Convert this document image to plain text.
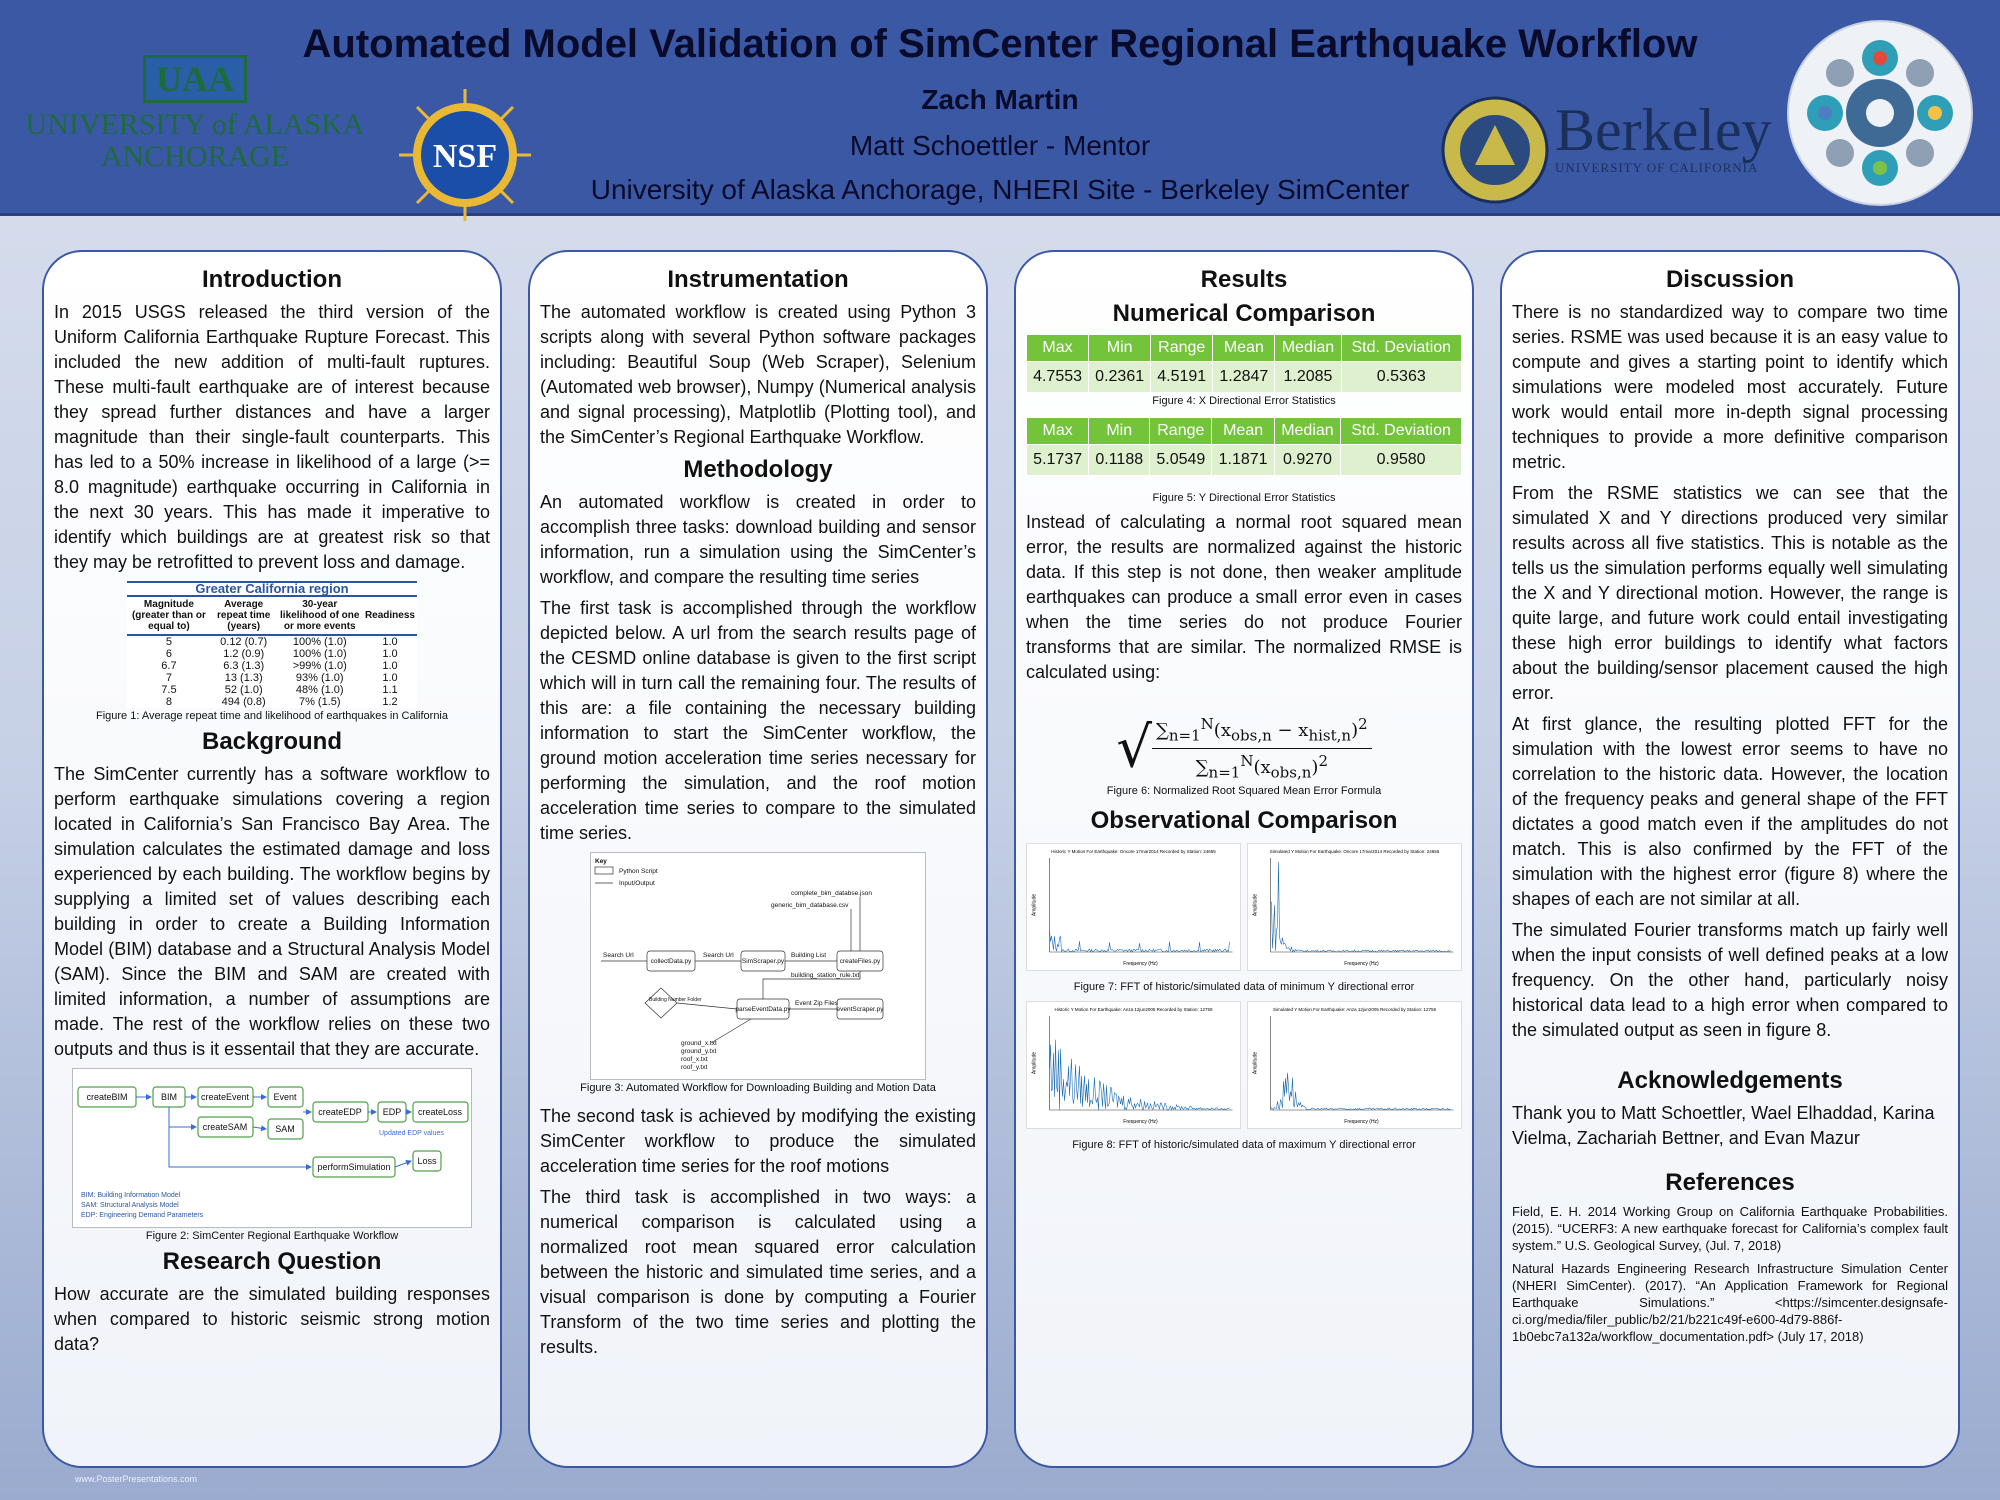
UAA
UNIVERSITY of ALASKA
ANCHORAGE	NSF
Automated Model Validation of SimCenter Regional Earthquake Workflow
Zach Martin
Matt Schoettler - Mentor
University of Alaska Anchorage, NHERI Site - Berkeley SimCenter
Berkeley
UNIVERSITY OF CALIFORNIA
Introduction

In 2015 USGS released the third version of the Uniform California Earthquake Rupture Forecast. This included the new addition of multi-fault ruptures. These multi-fault earthquake are of interest because they spread further distances and have a larger magnitude than their single-fault counterparts. This has led to a 50% increase in likelihood of a large (>= 8.0 magnitude) earthquake occurring in California in the next 30 years. This has made it imperative to identify which buildings are at greatest risk so that they may be retrofitted to prevent loss and damage.

Greater California region			
Magnitude (greater than or equal to)	Average repeat time (years)	30-year likelihood of one or more events	Readiness
5	0.12 (0.7)	100% (1.0)	1.0
6	1.2 (0.9)	100% (1.0)	1.0
6.7	6.3 (1.3)	>99% (1.0)	1.0
7	13 (1.3)	93% (1.0)	1.0
7.5	52 (1.0)	48% (1.0)	1.1
8	494 (0.8)	7% (1.5)	1.2
Figure 1: Average repeat time and likelihood of earthquakes in California
Background

The SimCenter currently has a software workflow to perform earthquake simulations covering a region located in California’s San Francisco Bay Area. The simulation calculates the estimated damage and loss experienced by each building. The workflow begins by supplying a limited set of values describing each building in order to create a Building Information Model (BIM) database and a Structural Analysis Model (SAM). Since the BIM and SAM are created with limited information, a number of assumptions are made. The rest of the workflow relies on these two outputs and thus is it essentail that they are accurate.

createBIM	BIM	createEvent	Event
createSAM	SAM
createEDP EDP createLoss
Updated EDP values
performSimulation
Loss
BIM: Building Information Model
SAM: Structural Analysis Model
EDP: Engineering Demand Parameters
Figure 2: SimCenter Regional Earthquake Workflow
Research Question

How accurate are the simulated building responses when compared to historic seismic strong motion data?

Instrumentation

The automated workflow is created using Python 3 scripts along with several Python software packages including: Beautiful Soup (Web Scraper), Selenium (Automated web browser), Numpy (Numerical analysis and signal processing), Matplotlib (Plotting tool), and the SimCenter’s Regional Earthquake Workflow.

Methodology

An automated workflow is created in order to accomplish three tasks: download building and sensor information, run a simulation using the SimCenter’s workflow, and compare the resulting time series

The first task is accomplished through the workflow depicted below. A url from the search results page of the CESMD online database is given to the first script which will in turn call the remaining four. The results of this are: a file containing the necessary building information to start the SimCenter workflow, the ground motion acceleration time series necessary for performing the simulation, and the roof motion acceleration time series to compare to the simulated time series.

Key
Python Script
Input/Output
collectData.py	SimScraper.py	createFiles.py
parseEventData.py	eventScraper.py
Search Url	Search Url	Building List
complete_bim_databse.json
generic_bim_database.csv
building_station_rule.txt
Event Zip Files
Building Number Folder
ground_x.txt
ground_y.txt
roof_x.txt
roof_y.txt
Figure 3: Automated Workflow for Downloading Building and Motion Data

The second task is achieved by modifying the existing SimCenter workflow to produce the simulated acceleration time series for the roof motions

The third task is accomplished in two ways: a numerical comparison is calculated using a normalized root mean squared error calculation between the historic and simulated time series, and a visual comparison is done by computing a Fourier Transform of the two time series and plotting the results.

Results
Numerical Comparison
Max	Min	Range	Mean	Median	Std. Deviation
4.7553	0.2361	4.5191	1.2847	1.2085	0.5363
Figure 4: X Directional Error Statistics
Max	Min	Range	Mean	Median	Std. Deviation
5.1737	0.1188	5.0549	1.1871	0.9270	0.9580
Figure 5: Y Directional Error Statistics

Instead of calculating a normal root squared mean error, the results are normalized against the historic data. If this step is not done, then weaker amplitude earthquakes can produce a small error even in cases when the time series do not produce Fourier transforms that are similar. The normalized RMSE is calculated using:

√ $\frac{\sum_{n=1}^N(x_{obs,n} - x_{hist,n})^2}{\sum_{n=1}^N(x_{obs,n})^2}$
Figure 6: Normalized Root Squared Mean Error Formula
Observational Comparison
Historic Y Motion For Earthquake: Oncore 17mar2014 Recorded by Station: 24655
Frequency (Hz)
Amplitude
Simulated Y Motion For Earthquake: Oncore 17mar2014 Recorded by Station: 24655
Frequency (Hz)
Amplitude
Figure 7: FFT of historic/simulated data of minimum Y directional error
Historic Y Motion For Earthquake: Anza 12jun2005 Recorded by Station: 12759
Frequency (Hz)
Amplitude
Simulated Y Motion For Earthquake: Anza 12jun2005 Recorded by Station: 12759
Frequency (Hz)
Amplitude
Figure 8: FFT of historic/simulated data of maximum Y directional error
Discussion

There is no standardized way to compare two time series. RSME was used because it is an easy value to compute and gives a starting point to identify which simulations were modeled most accurately. Future work would entail more in-depth signal processing techniques to provide a more definitive comparison metric.

From the RSME statistics we can see that the simulated X and Y directions produced very similar results across all five statistics. This is notable as the tells us the simulation performs equally well simulating the X and Y directional motion. However, the range is quite large, and future work could entail investigating these high error buildings to identify what factors about the building/sensor placement caused the high error.

At first glance, the resulting plotted FFT for the simulation with the lowest error seems to have no correlation to the historic data. However, the location of the frequency peaks and general shape of the FFT dictates a good match even if the amplitudes do not match. This is also confirmed by the FFT of the simulation with the highest error (figure 8) where the shapes of each are not similar at all.

The simulated Fourier transforms match up fairly well when the input consists of well defined peaks at a low frequency. On the other hand, particularly noisy historical data lead to a high error when compared to the simulated output as seen in figure 8.

Acknowledgements

Thank you to Matt Schoettler, Wael Elhaddad, Karina Vielma, Zachariah Bettner, and Evan Mazur

References

Field, E. H. 2014 Working Group on California Earthquake Probabilities. (2015). “UCERF3: A new earthquake forecast for California’s complex fault system.” U.S. Geological Survey, (Jul. 7, 2018)

Natural Hazards Engineering Research Infrastructure Simulation Center (NHERI SimCenter). (2017). “An Application Framework for Regional Earthquake Simulations.” <https://simcenter.designsafe-ci.org/media/filer_public/b2/21/b221c49f-e600-4d79-886f-1b0ebc7a132a/workflow_documentation.pdf> (July 17, 2018)

www.PosterPresentations.com
